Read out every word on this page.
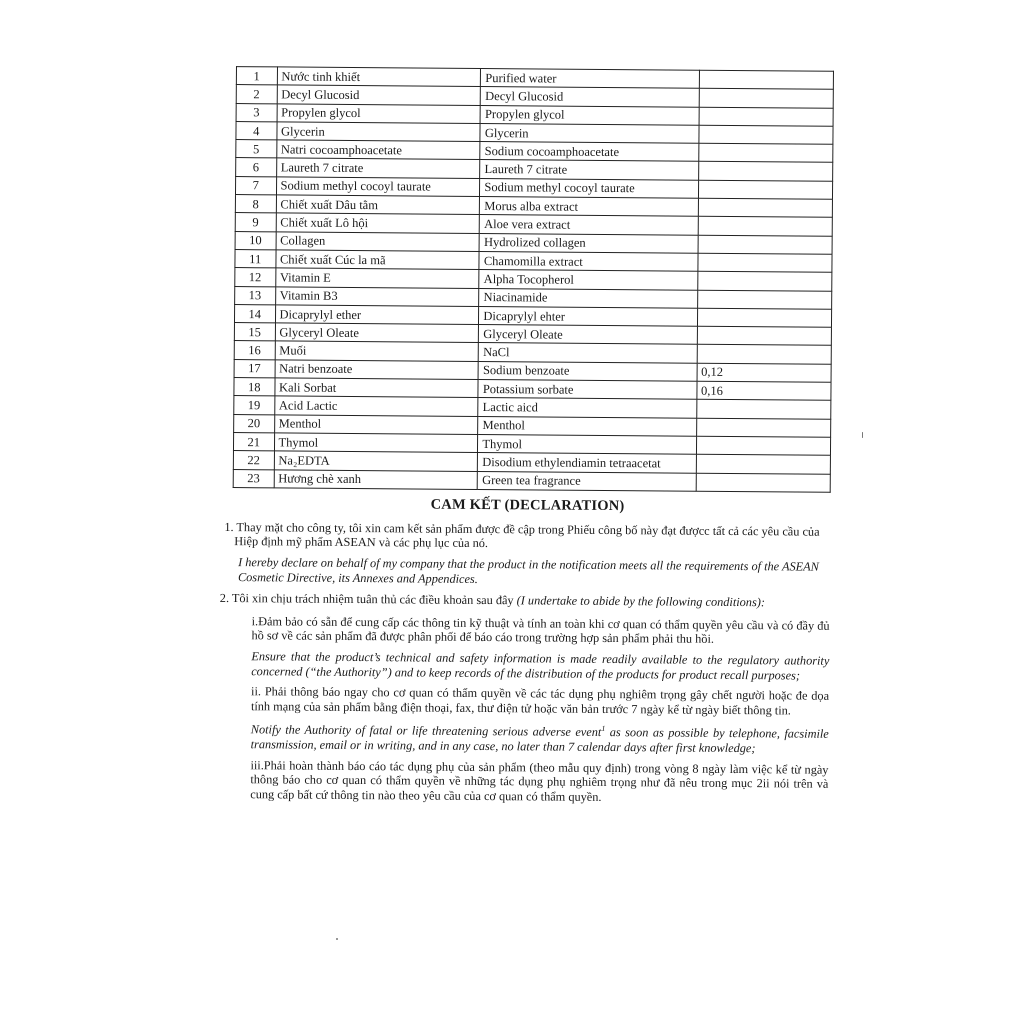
1	Nước tinh khiết	Purified water	
2	Decyl Glucosid	Decyl Glucosid	
3	Propylen glycol	Propylen glycol	
4	Glycerin	Glycerin	
5	Natri cocoamphoacetate	Sodium cocoamphoacetate	
6	Laureth 7 citrate	Laureth 7 citrate	
7	Sodium methyl cocoyl taurate	Sodium methyl cocoyl taurate	
8	Chiết xuất Dâu tằm	Morus alba extract	
9	Chiết xuất Lô hội	Aloe vera extract	
10	Collagen	Hydrolized collagen	
11	Chiết xuất Cúc la mã	Chamomilla extract	
12	Vitamin E	Alpha Tocopherol	
13	Vitamin B3	Niacinamide	
14	Dicaprylyl ether	Dicaprylyl ehter	
15	Glyceryl Oleate	Glyceryl Oleate	
16	Muối	NaCl	
17	Natri benzoate	Sodium benzoate	0,12
18	Kali Sorbat	Potassium sorbate	0,16
19	Acid Lactic	Lactic aicd	
20	Menthol	Menthol	
21	Thymol	Thymol	
22	Na₂EDTA	Disodium ethylendiamin tetraacetat	
23	Hương chè xanh	Green tea fragrance	
CAM KẾT (DECLARATION)

1. Thay mặt cho công ty, tôi xin cam kết sản phẩm được đề cập trong Phiếu công bố này đạt đượcc tất cả các yêu cầu của Hiệp định mỹ phẩm ASEAN và các phụ lục của nó.

I hereby declare on behalf of my company that the product in the notification meets all the requirements of the ASEAN Cosmetic Directive, its Annexes and Appendices.

2. Tôi xin chịu trách nhiệm tuân thủ các điều khoản sau đây (I undertake to abide by the following conditions):

i.Đảm bảo có sẵn để cung cấp các thông tin kỹ thuật và tính an toàn khi cơ quan có thẩm quyền yêu cầu và có đầy đủ hồ sơ về các sản phẩm đã được phân phối để báo cáo trong trường hợp sản phẩm phải thu hồi.

Ensure that the product’s technical and safety information is made readily available to the regulatory authority concerned (“the Authority”) and to keep records of the distribution of the products for product recall purposes;

ii. Phải thông báo ngay cho cơ quan có thẩm quyền về các tác dụng phụ nghiêm trọng gây chết người hoặc đe dọa tính mạng của sản phẩm bằng điện thoại, fax, thư điện tử hoặc văn bản trước 7 ngày kể từ ngày biết thông tin.

Notify the Authority of fatal or life threatening serious adverse event$^1$ as soon as possible by telephone, facsimile transmission, email or in writing, and in any case, no later than 7 calendar days after first knowledge;

iii.Phải hoàn thành báo cáo tác dụng phụ của sản phẩm (theo mẫu quy định) trong vòng 8 ngày làm việc kể từ ngày thông báo cho cơ quan có thẩm quyền về những tác dụng phụ nghiêm trọng như đã nêu trong mục 2ii nói trên và cung cấp bất cứ thông tin nào theo yêu cầu của cơ quan có thẩm quyền.
